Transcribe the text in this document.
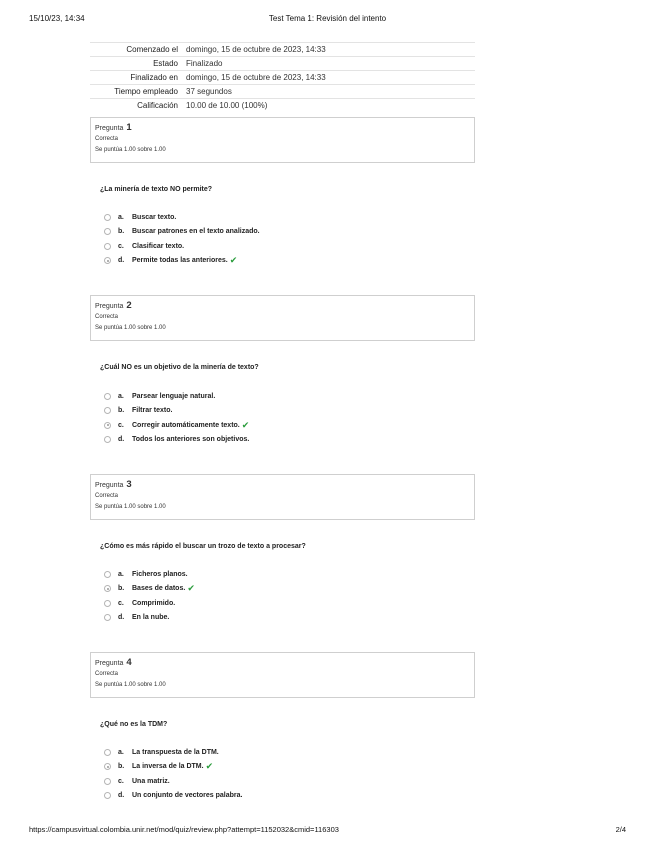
15/10/23, 14:34	Test Tema 1: Revisión del intento
Comenzado el	domingo, 15 de octubre de 2023, 14:33
Estado	Finalizado
Finalizado en	domingo, 15 de octubre de 2023, 14:33
Tiempo empleado	37 segundos
Calificación	10.00 de 10.00 (100%)
Pregunta 1
Correcta
Se puntúa 1.00 sobre 1.00
¿La minería de texto NO permite?
a.	Buscar texto.
b.	Buscar patrones en el texto analizado.
c.	Clasificar texto.
d.	Permite todas las anteriores. ✔
Pregunta 2
Correcta
Se puntúa 1.00 sobre 1.00
¿Cuál NO es un objetivo de la minería de texto?
a.	Parsear lenguaje natural.
b.	Filtrar texto.
c.	Corregir automáticamente texto. ✔
d.	Todos los anteriores son objetivos.
Pregunta 3
Correcta
Se puntúa 1.00 sobre 1.00
¿Cómo es más rápido el buscar un trozo de texto a procesar?
a.	Ficheros planos.
b.	Bases de datos. ✔
c.	Comprimido.
d.	En la nube.
Pregunta 4
Correcta
Se puntúa 1.00 sobre 1.00
¿Qué no es la TDM?
a.	La transpuesta de la DTM.
b.	La inversa de la DTM. ✔
c.	Una matriz.
d.	Un conjunto de vectores palabra.
https://campusvirtual.colombia.unir.net/mod/quiz/review.php?attempt=1152032&cmid=116303	2/4
